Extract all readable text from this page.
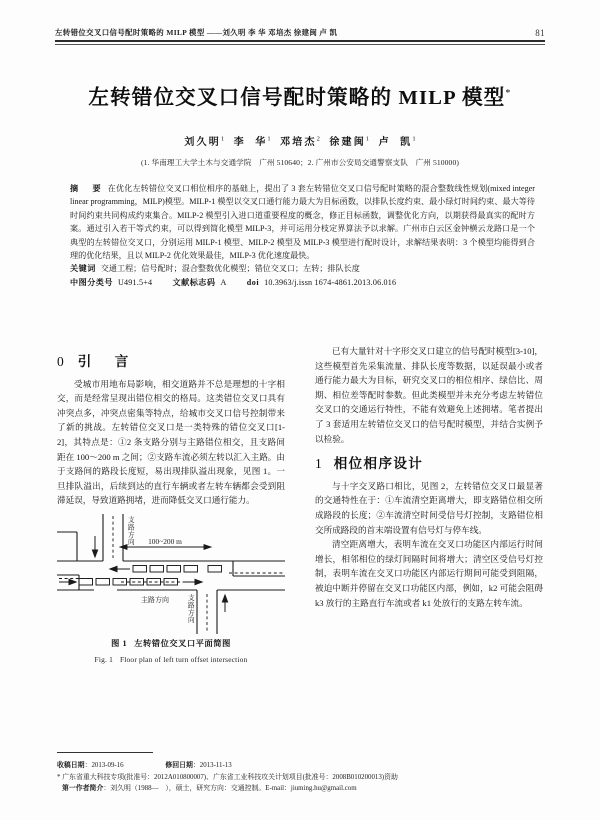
左转错位交叉口信号配时策略的 MILP 模型 ——刘久明 李 华 邓培杰 徐建闽 卢 凯	81
左转错位交叉口信号配时策略的 MILP 模型*
刘久明$^1$  李  华$^1$  邓培杰$^2$  徐建闽$^1$  卢  凯$^1$
(1. 华南理工大学土木与交通学院　广州 510640；2. 广州市公安局交通警察支队　广州 510000)

摘　要 在优化左转错位交叉口相位相序的基础上，提出了 3 套左转错位交叉口信号配时策略的混合整数线性规划(mixed integer linear programming，MILP)模型。MILP-1 模型以交叉口通行能力最大为目标函数，以排队长度约束、最小绿灯时间约束、最大等待时间约束共同构成约束集合。MILP-2 模型引入进口道重要程度的概念，修正目标函数，调整优化方向，以期获得最真实的配时方案。通过引入若干等式约束，可以得到简化模型 MILP-3，并可运用分枝定界算法予以求解。广州市白云区金钟横云龙路口是一个典型的左转错位交叉口，分别运用 MILP-1 模型、MILP-2 模型及 MILP-3 模型进行配时设计，求解结果表明：3 个模型均能得到合理的优化结果，且以 MILP-2 优化效果最佳，MILP-3 优化速度最快。

关键词 交通工程；信号配时；混合整数优化模型；错位交叉口；左转；排队长度

中图分类号 U491.5+4 文献标志码 A doi 10.3963/j.issn 1674-4861.2013.06.016

0 引　言

受城市用地布局影响，相交道路并不总是理想的十字相交，而是经常呈现出错位相交的格局。这类错位交叉口具有冲突点多，冲突点密集等特点，给城市交叉口信号控制带来了新的挑战。左转错位交叉口是一类特殊的错位交叉口[1-2]，其特点是：①2 条支路分别与主路错位相交，且支路间距在 100～200 m 之间；②支路车流必须左转以汇入主路。由于支路间的路段长度短，易出现排队溢出现象，见图 1。一旦排队溢出，后续到达的直行车辆或者左转车辆都会受到阻滞延误，导致道路拥堵，进而降低交叉口通行能力。

100~200 m
支路方向
支路方向
主路方向
图 1 左转错位交叉口平面简图
Fig. 1 Floor plan of left turn offset intersection

已有大量针对十字形交叉口建立的信号配时模型[3-10]，这些模型首先采集流量、排队长度等数据，以延误最小或者通行能力最大为目标，研究交叉口的相位相序、绿信比、周期、相位差等配时参数。但此类模型并未充分考虑左转错位交叉口的交通运行特性，不能有效避免上述拥堵。笔者提出了 3 套适用左转错位交叉口的信号配时模型，并结合实例予以检验。

1 相位相序设计

与十字交叉路口相比，见图 2，左转错位交叉口最显著的交通特性在于：①车流清空距离增大，即支路错位相交所成路段的长度；②车流清空时间受信号灯控制，支路错位相交所成路段的首末端设置有信号灯与停车线。

清空距离增大，表明车流在交叉口功能区内部运行时间增长，相邻相位的绿灯间隔时间将增大；清空区受信号灯控制，表明车流在交叉口功能区内部运行期间可能受到阻隔，被迫中断并停留在交叉口功能区内部，例如，k2 可能会阻碍 k3 放行的主路直行车流或者 k1 处放行的支路左转车流。

收稿日期：2013-09-16	修回日期：2013-11-13

* 广东省重大科技专项(批准号：2012A010800007)、广东省工业科技攻关计划项目(批准号：2008B010200013)资助

第一作者简介：刘久明（1988—　），硕士，研究方向：交通控制。E-mail：jiuming.hu@gmail.com
